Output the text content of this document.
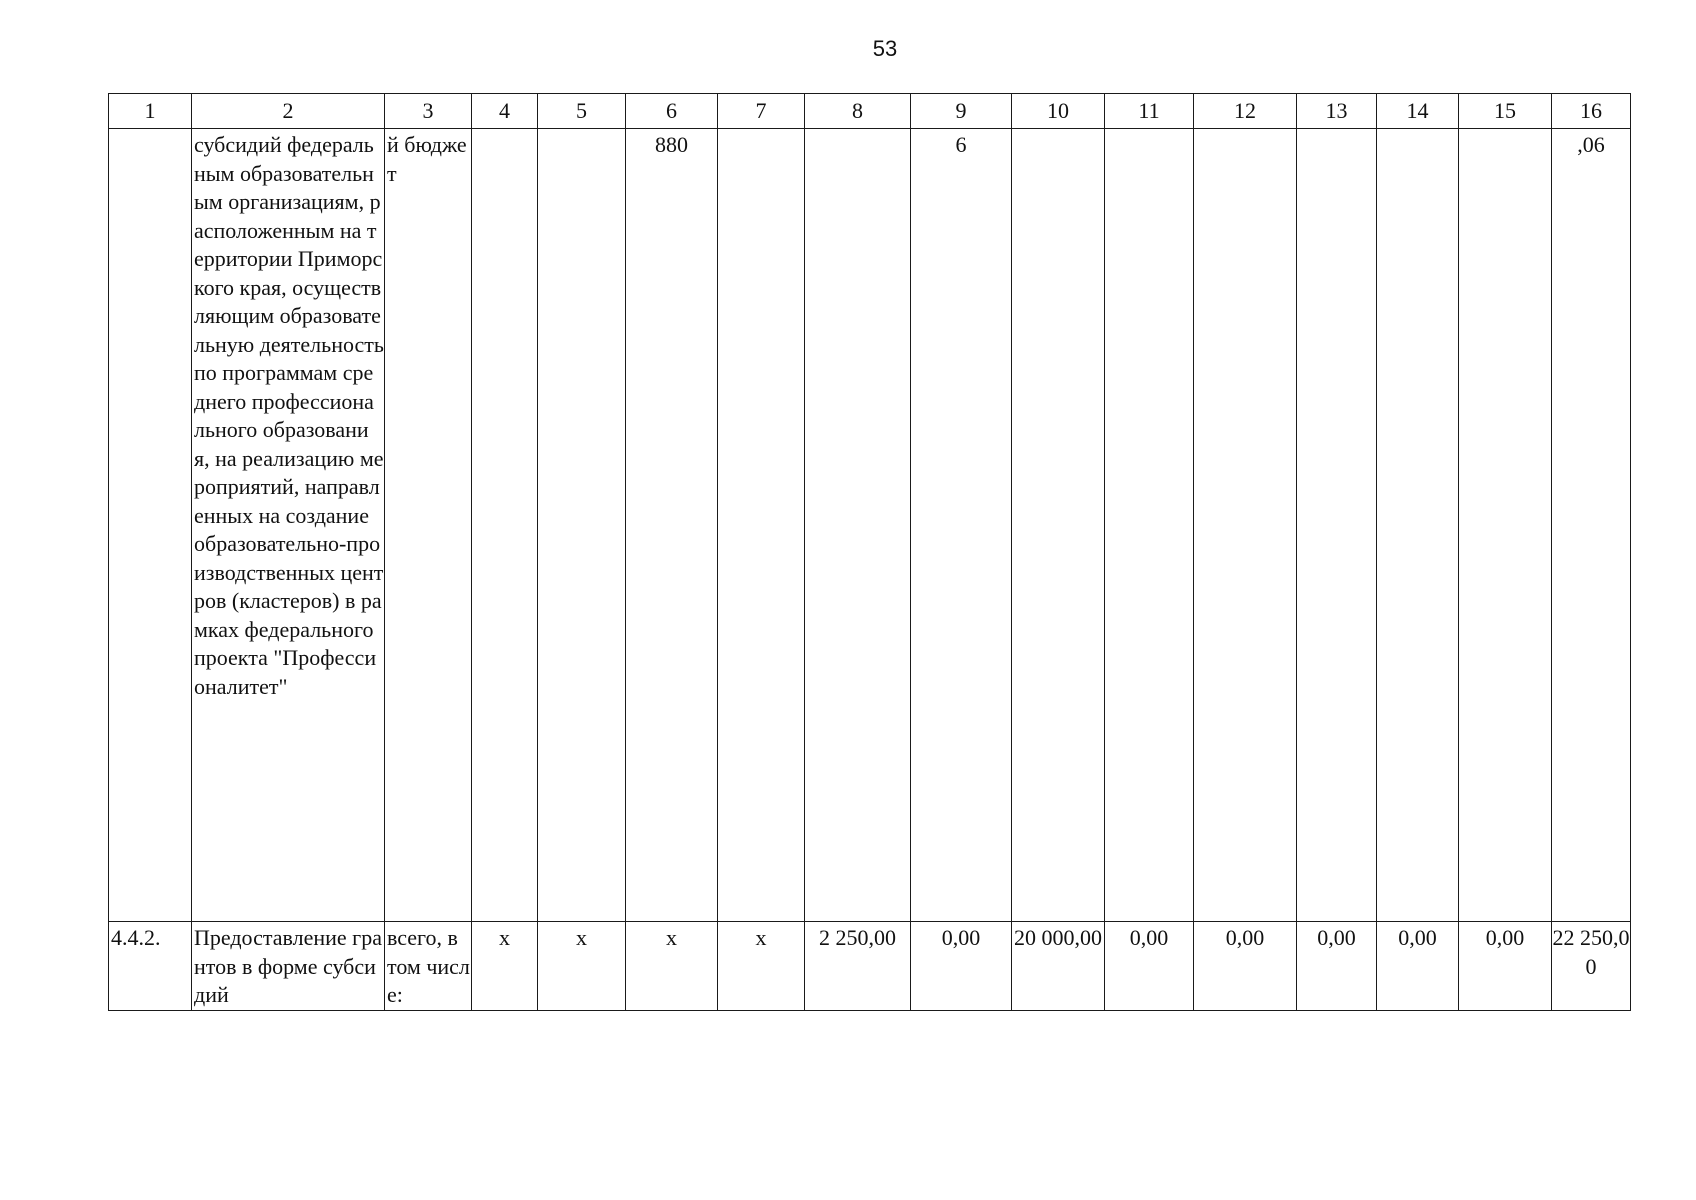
53
1	2	3	4	5	6	7	8	9	10	11	12	13	14	15	16
	субсидий федеральным образовательным организациям, расположенным на территории Приморского края, осуществляющим образовательную деятельность по программам среднего профессионального образования, на реализацию мероприятий, направленных на создание образовательно-производственных центров (кластеров) в рамках федерального проекта "Профессионалитет"	й бюджет			880			6							,06
4.4.2.	Предоставление грантов в форме субсидий	всего, в том числе:	х	х	х	х	2 250,00	0,00	20 000,00	0,00	0,00	0,00	0,00	0,00	22 250,00
